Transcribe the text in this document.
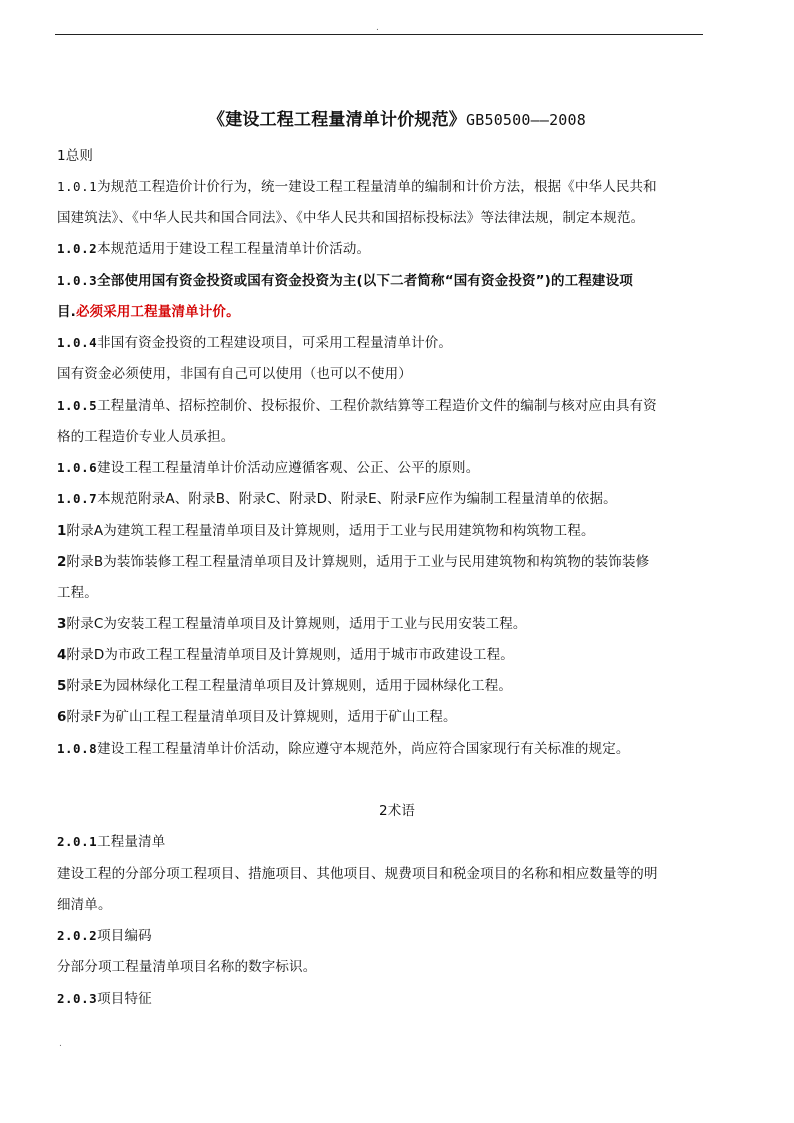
.
《建设工程工程量清单计价规范》GB50500——2008
1总则
1.0.1为规范工程造价计价行为，统一建设工程工程量清单的编制和计价方法，根据《中华人民共和
国建筑法》、《中华人民共和国合同法》、《中华人民共和国招标投标法》等法律法规，制定本规范。
1.0.2本规范适用于建设工程工程量清单计价活动。
1.0.3全部使用国有资金投资或国有资金投资为主(以下二者简称“国有资金投资”)的工程建设项
目.必须采用工程量清单计价。
1.0.4非国有资金投资的工程建设项目，可采用工程量清单计价。
国有资金必须使用，非国有自己可以使用（也可以不使用）
1.0.5工程量清单、招标控制价、投标报价、工程价款结算等工程造价文件的编制与核对应由具有资
格的工程造价专业人员承担。
1.0.6建设工程工程量清单计价活动应遵循客观、公正、公平的原则。
1.0.7本规范附录A、附录B、附录C、附录D、附录E、附录F应作为编制工程量清单的依据。
1附录A为建筑工程工程量清单项目及计算规则，适用于工业与民用建筑物和构筑物工程。
2附录B为装饰装修工程工程量清单项目及计算规则，适用于工业与民用建筑物和构筑物的装饰装修
工程。
3附录C为安装工程工程量清单项目及计算规则，适用于工业与民用安装工程。
4附录D为市政工程工程量清单项目及计算规则，适用于城市市政建设工程。
5附录E为园林绿化工程工程量清单项目及计算规则，适用于园林绿化工程。
6附录F为矿山工程工程量清单项目及计算规则，适用于矿山工程。
1.0.8建设工程工程量清单计价活动，除应遵守本规范外，尚应符合国家现行有关标准的规定。
2术语
2.0.1工程量清单
建设工程的分部分项工程项目、措施项目、其他项目、规费项目和税金项目的名称和相应数量等的明
细清单。
2.0.2项目编码
分部分项工程量清单项目名称的数字标识。
2.0.3项目特征
.
